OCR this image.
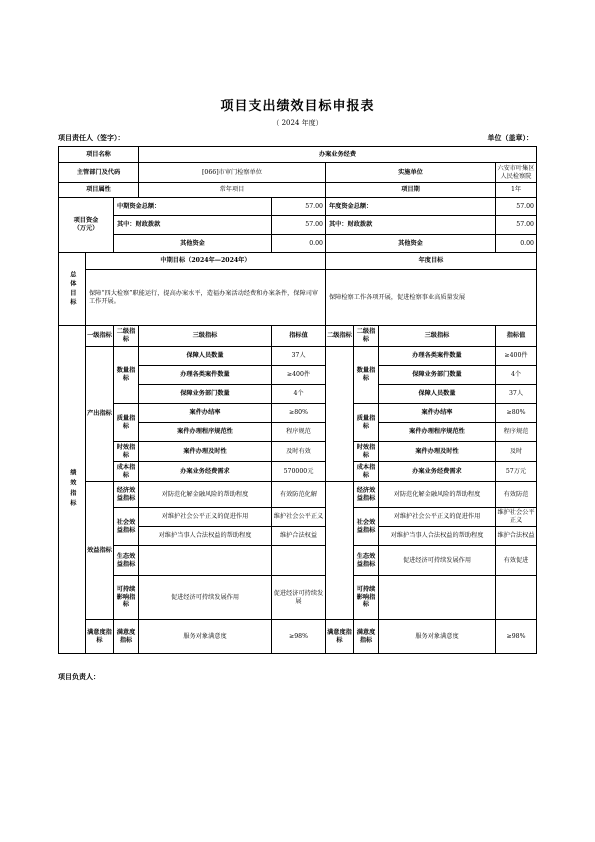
项目支出绩效目标申报表
（ 2024 年度）
项目责任人（签字）：	单位（盖章）：
项目名称			办案业务经费					
主管部门及代码			[066]市审门检察单位		实施单位			六安市叶集区人民检察院
项目属性			常年项目		项目期			1年
项目资金
（万元）		中期资金总额：		57.00	年度资金总额：			57.00
		其中：财政拨款		57.00	其中：财政拨款			57.00
		其他资金		0.00	其他资金			0.00
总体目标	中期目标（2024年—2024年）				年度目标			
	保障“四大检察”职能运行，提高办案水平，造福办案活动经费和办案条件，保障司审工作开展。				保障检察工作各项开展，促进检察事业高质量发展			
绩效指标	一级指标	二级指标	三级指标	指标值	二级指标	二级指标	三级指标	指标值
	产出指标	数量指标	保障人员数量	37人		数量指标	办理各类案件数量	≥400件
			办理各类案件数量	≥400件			保障业务部门数量	4个
			保障业务部门数量	4个			保障人员数量	37人
		质量指标	案件办结率	≥80%		质量指标	案件办结率	≥80%
			案件办理程序规范性	程序规范			案件办理程序规范性	程序规范
		时效指标	案件办理及时性	及时有效		时效指标	案件办理及时性	及时
		成本指标	办案业务经费需求	570000元		成本指标	办案业务经费需求	57万元
	效益指标	经济效益指标	对防范化解金融风险的帮助程度	有效防范化解		经济效益指标	对防范化解金融风险的帮助程度	有效防范
		社会效益指标	对维护社会公平正义的促进作用	维护社会公平正义		社会效益指标	对维护社会公平正义的促进作用	维护社会公平正义
			对维护当事人合法权益的帮助程度	维护合法权益			对维护当事人合法权益的帮助程度	维护合法权益
		生态效益指标				生态效益指标	促进经济可持续发展作用	有效促进
		可持续影响指标	促进经济可持续发展作用	促进经济可持续发展		可持续影响指标		
	满意度指标	满意度指标	服务对象满意度	≥98%	满意度指标	满意度指标	服务对象满意度	≥98%
项目负责人：
